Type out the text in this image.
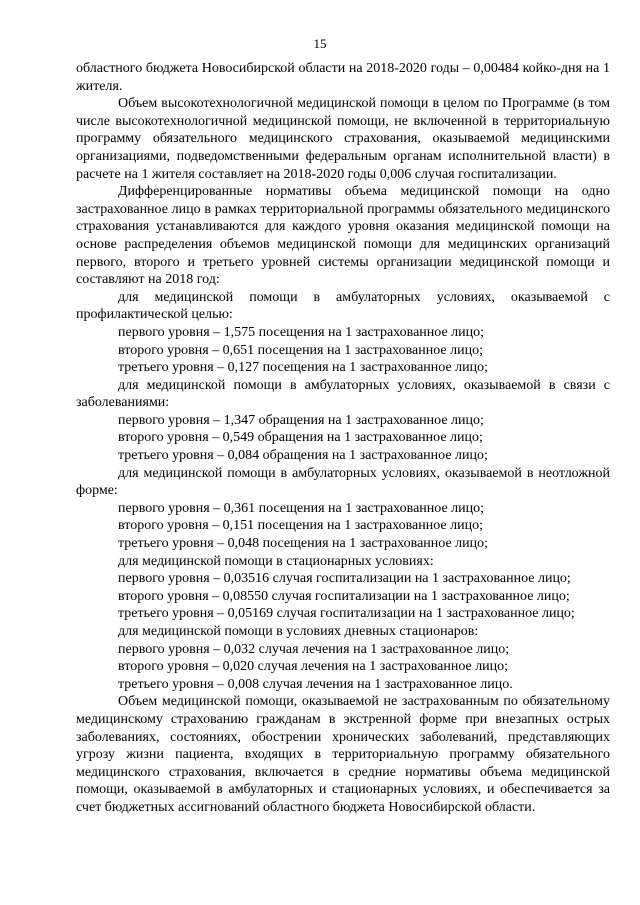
15

областного бюджета Новосибирской области на 2018-2020 годы – 0,00484 койко-дня на 1 жителя.

Объем высокотехнологичной медицинской помощи в целом по Программе (в том числе высокотехнологичной медицинской помощи, не включенной в территориальную программу обязательного медицинского страхования, оказываемой медицинскими организациями, подведомственными федеральным органам исполнительной власти) в расчете на 1 жителя составляет на 2018-2020 годы 0,006 случая госпитализации.

Дифференцированные нормативы объема медицинской помощи на одно застрахованное лицо в рамках территориальной программы обязательного медицинского страхования устанавливаются для каждого уровня оказания медицинской помощи на основе распределения объемов медицинской помощи для медицинских организаций первого, второго и третьего уровней системы организации медицинской помощи и составляют на 2018 год:

для медицинской помощи в амбулаторных условиях, оказываемой с профилактической целью:

первого уровня – 1,575 посещения на 1 застрахованное лицо;

второго уровня – 0,651 посещения на 1 застрахованное лицо;

третьего уровня – 0,127 посещения на 1 застрахованное лицо;

для медицинской помощи в амбулаторных условиях, оказываемой в связи с заболеваниями:

первого уровня – 1,347 обращения на 1 застрахованное лицо;

второго уровня – 0,549 обращения на 1 застрахованное лицо;

третьего уровня – 0,084 обращения на 1 застрахованное лицо;

для медицинской помощи в амбулаторных условиях, оказываемой в неотложной форме:

первого уровня – 0,361 посещения на 1 застрахованное лицо;

второго уровня – 0,151 посещения на 1 застрахованное лицо;

третьего уровня – 0,048 посещения на 1 застрахованное лицо;

для медицинской помощи в стационарных условиях:

первого уровня – 0,03516 случая госпитализации на 1 застрахованное лицо;

второго уровня – 0,08550 случая госпитализации на 1 застрахованное лицо;

третьего уровня – 0,05169 случая госпитализации на 1 застрахованное лицо;

для медицинской помощи в условиях дневных стационаров:

первого уровня – 0,032 случая лечения на 1 застрахованное лицо;

второго уровня – 0,020 случая лечения на 1 застрахованное лицо;

третьего уровня – 0,008 случая лечения на 1 застрахованное лицо.

Объем медицинской помощи, оказываемой не застрахованным по обязательному медицинскому страхованию гражданам в экстренной форме при внезапных острых заболеваниях, состояниях, обострении хронических заболеваний, представляющих угрозу жизни пациента, входящих в территориальную программу обязательного медицинского страхования, включается в средние нормативы объема медицинской помощи, оказываемой в амбулаторных и стационарных условиях, и обеспечивается за счет бюджетных ассигнований областного бюджета Новосибирской области.
